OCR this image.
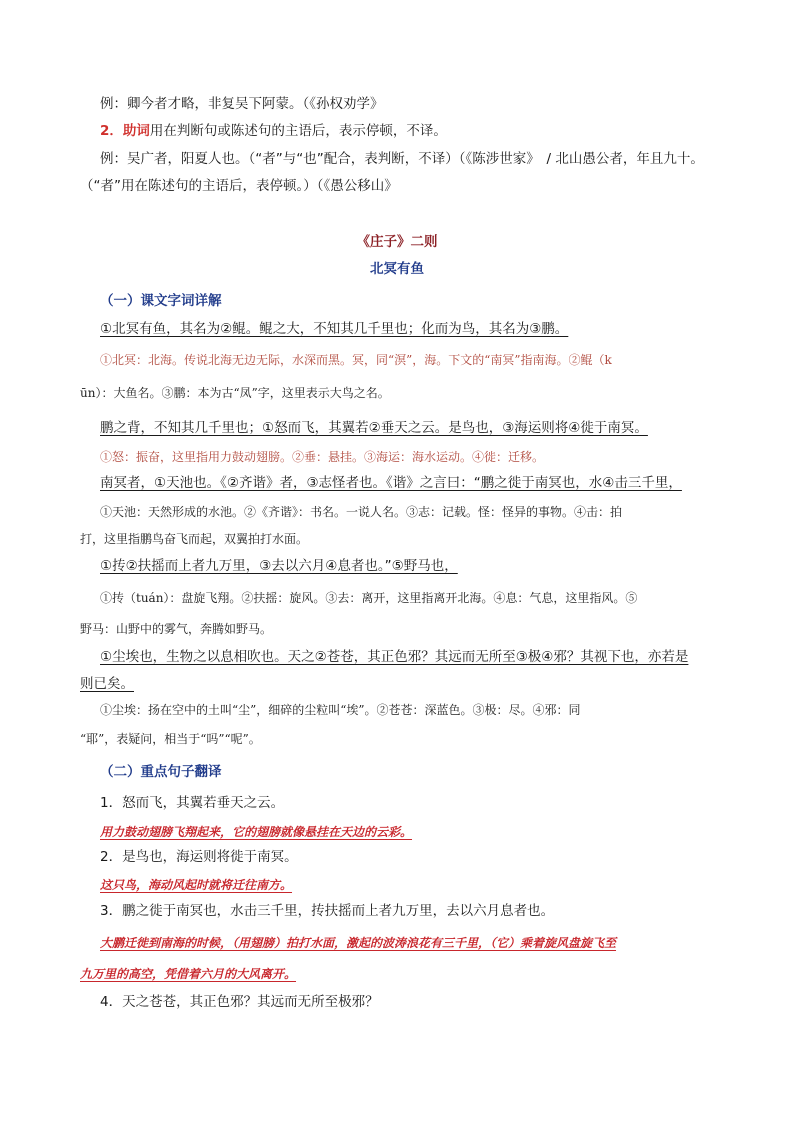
例：卿今者才略，非复吴下阿蒙。（《孙权劝学》
2．助词用在判断句或陈述句的主语后，表示停顿，不译。
例：吴广者，阳夏人也。（“者”与“也”配合，表判断，不译）（《陈涉世家》　/ 北山愚公者，年且九十。
（“者”用在陈述句的主语后，表停顿。）（《愚公移山》
《庄子》二则
北冥有鱼
（一）课文字词详解
①北冥有鱼，其名为②鲲。鲲之大，不知其几千里也；化而为鸟，其名为③鹏。
①北冥：北海。传说北海无边无际，水深而黑。冥，同“溟”，海。下文的“南冥”指南海。②鲲（k
ūn）：大鱼名。③鹏：本为古“凤”字，这里表示大鸟之名。
鹏之背，不知其几千里也；①怒而飞，其翼若②垂天之云。是鸟也，③海运则将④徙于南冥。
①怒：振奋，这里指用力鼓动翅膀。②垂：悬挂。③海运：海水运动。④徙：迁移。
南冥者，①天池也。《②齐谐》者，③志怪者也。《谐》之言曰：“鹏之徙于南冥也，水④击三千里，
①天池：天然形成的水池。②《齐谐》：书名。一说人名。③志：记载。怪：怪异的事物。④击：拍
打，这里指鹏鸟奋飞而起，双翼拍打水面。
①抟②扶摇而上者九万里，③去以六月④息者也。”⑤野马也，
①抟（tuán）：盘旋飞翔。②扶摇：旋风。③去：离开，这里指离开北海。④息：气息，这里指风。⑤
野马：山野中的雾气，奔腾如野马。
①尘埃也，生物之以息相吹也。天之②苍苍，其正色邪？其远而无所至③极④邪？其视下也，亦若是
则已矣。
①尘埃：扬在空中的土叫“尘”，细碎的尘粒叫“埃”。②苍苍：深蓝色。③极：尽。④邪：同
“耶”，表疑问，相当于“吗”“呢”。
（二）重点句子翻译
1．怒而飞，其翼若垂天之云。
用力鼓动翅膀飞翔起来，它的翅膀就像悬挂在天边的云彩。
2．是鸟也，海运则将徙于南冥。
这只鸟，海动风起时就将迁往南方。
3．鹏之徙于南冥也，水击三千里，抟扶摇而上者九万里，去以六月息者也。
大鹏迁徙到南海的时候，（用翅膀）拍打水面，激起的波涛浪花有三千里，（它）乘着旋风盘旋飞至
九万里的高空，凭借着六月的大风离开。
4．天之苍苍，其正色邪？其远而无所至极邪？
